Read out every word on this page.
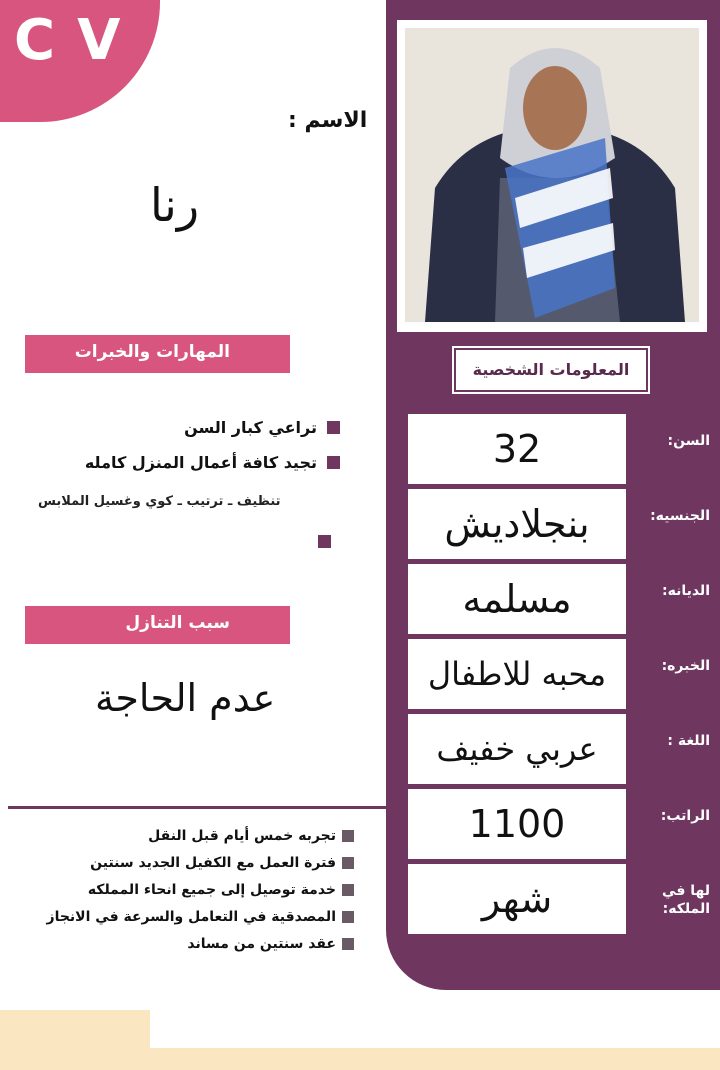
CV
الاسم :
رنا
المهارات والخبرات
تراعي كبار السن
تجيد كافة أعمال المنزل كامله
تنظيف ـ ترتيب ـ كوي وغسيل الملابس
سبب التنازل
عدم الحاجة
المعلومات الشخصية
32	السن:
بنجلاديش	الجنسيه:
مسلمه	الديانه:
محبه للاطفال	الخبره:
عربي خفيف	اللغة :
1100	الراتب:
شهر	لها في الملكه:
تجربه خمس أيام قبل النقل
فترة العمل مع الكفيل الجديد سنتين
خدمة توصيل إلى جميع انحاء المملكه
المصدقية في التعامل والسرعة في الانجاز
عقد سنتين من مساند
